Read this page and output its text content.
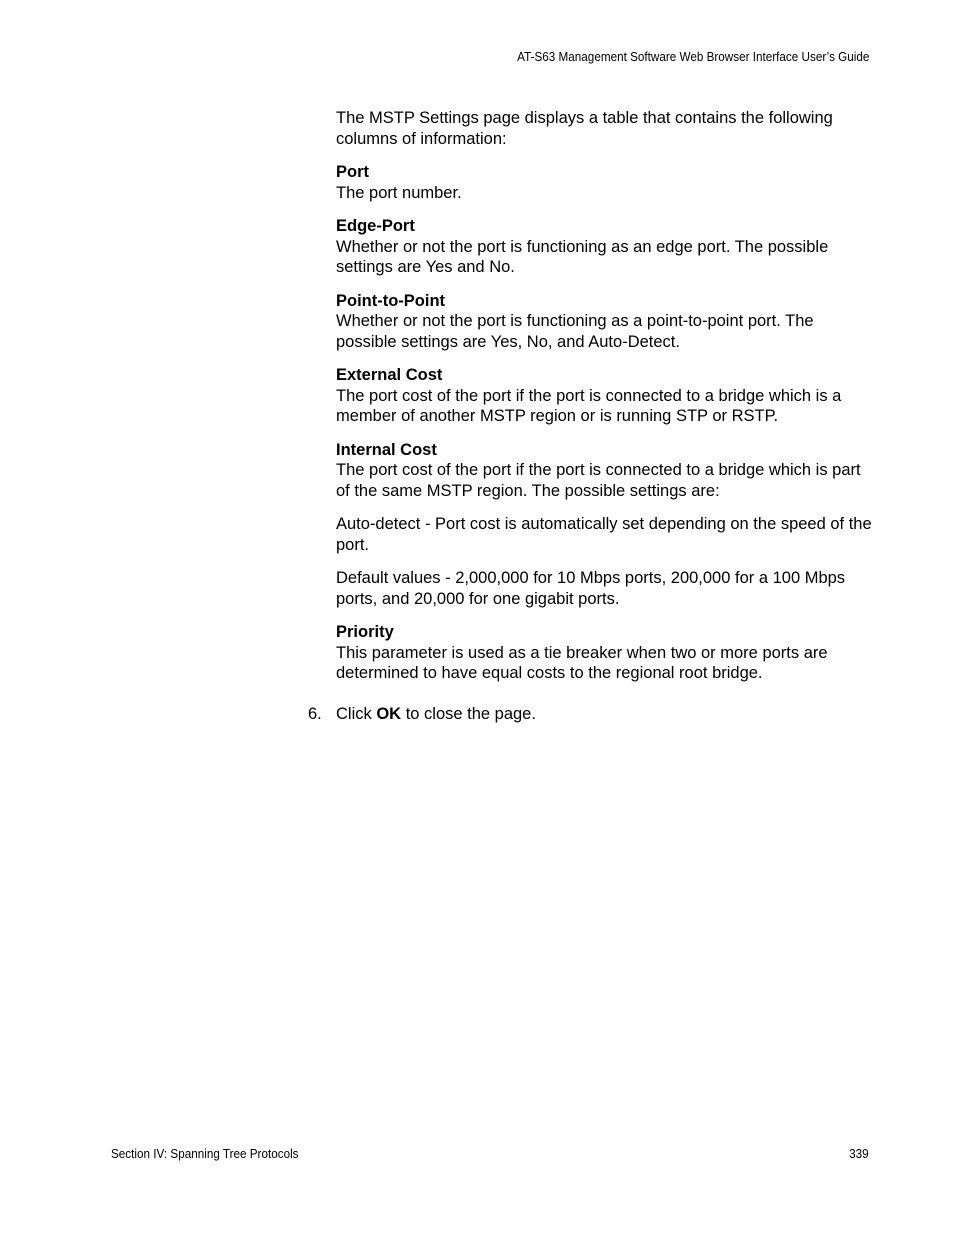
AT-S63 Management Software Web Browser Interface User’s Guide

The MSTP Settings page displays a table that contains the following columns of information:

Port
The port number.
Edge-Port
Whether or not the port is functioning as an edge port. The possible settings are Yes and No.
Point-to-Point
Whether or not the port is functioning as a point-to-point port. The possible settings are Yes, No, and Auto-Detect.
External Cost
The port cost of the port if the port is connected to a bridge which is a member of another MSTP region or is running STP or RSTP.
Internal Cost
The port cost of the port if the port is connected to a bridge which is part of the same MSTP region. The possible settings are:

Auto-detect - Port cost is automatically set depending on the speed of the port.

Default values - 2,000,000 for 10 Mbps ports, 200,000 for a 100 Mbps ports, and 20,000 for one gigabit ports.

Priority
This parameter is used as a tie breaker when two or more ports are determined to have equal costs to the regional root bridge.
6. Click OK to close the page.
Section IV: Spanning Tree Protocols	339
